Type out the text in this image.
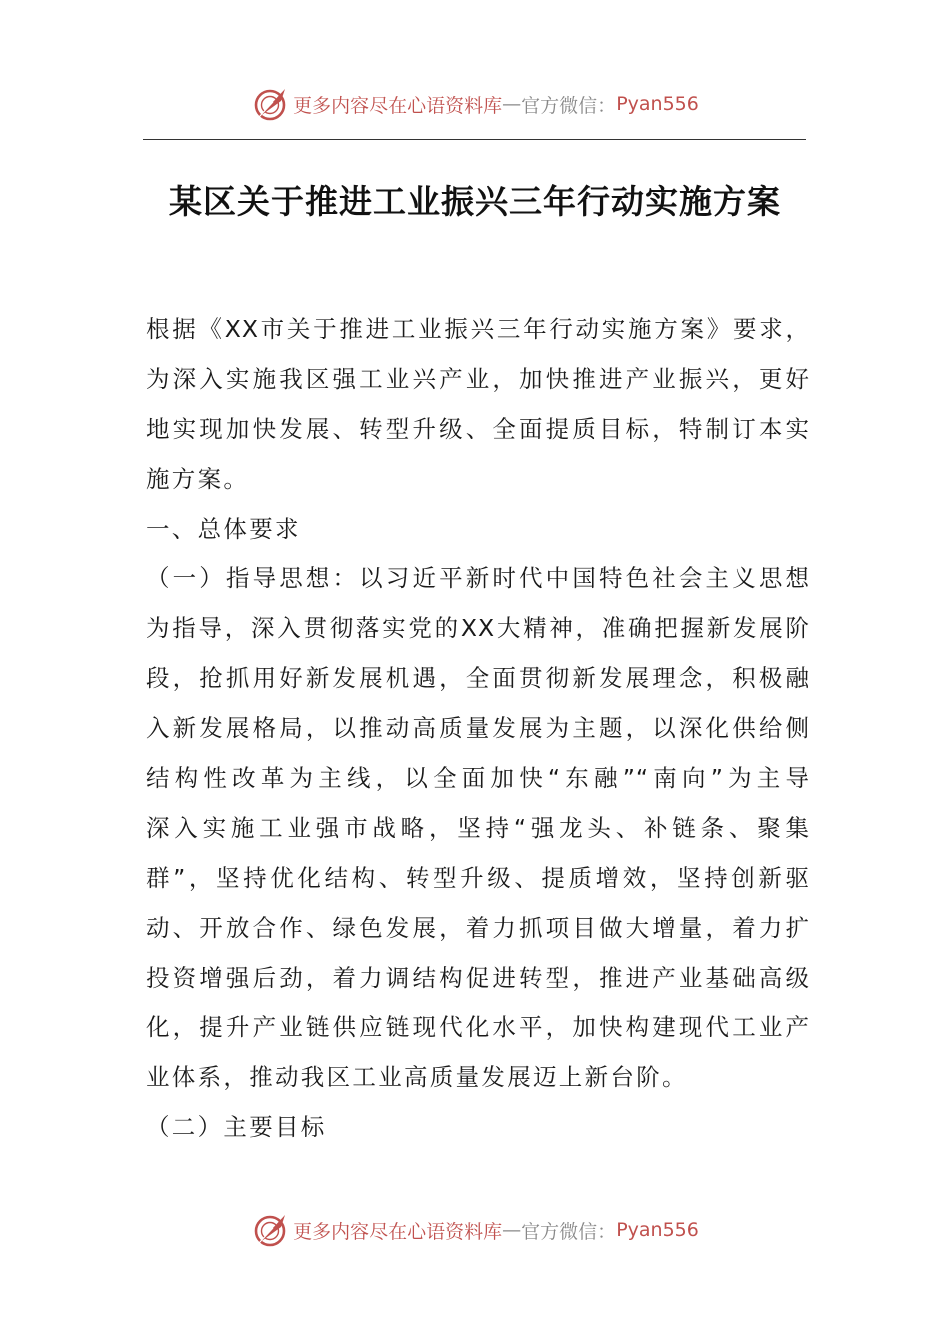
更多内容尽在心语资料库 — 官方微信： Pyan556
某区关于推进工业振兴三年行动实施方案
根据《XX市关于推进工业振兴三年行动实施方案》要求，
为深入实施我区强工业兴产业，加快推进产业振兴，更好
地实现加快发展、转型升级、全面提质目标，特制订本实
施方案。
一、总体要求
（一）指导思想：以习近平新时代中国特色社会主义思想
为指导，深入贯彻落实党的XX大精神，准确把握新发展阶
段，抢抓用好新发展机遇，全面贯彻新发展理念，积极融
入新发展格局，以推动高质量发展为主题，以深化供给侧
结构性改革为主线，以全面加快“东融”“南向”为主导
深入实施工业强市战略，坚持“强龙头、补链条、聚集
群”，坚持优化结构、转型升级、提质增效，坚持创新驱
动、开放合作、绿色发展，着力抓项目做大增量，着力扩
投资增强后劲，着力调结构促进转型，推进产业基础高级
化，提升产业链供应链现代化水平，加快构建现代工业产
业体系，推动我区工业高质量发展迈上新台阶。
（二）主要目标
更多内容尽在心语资料库 — 官方微信： Pyan556
